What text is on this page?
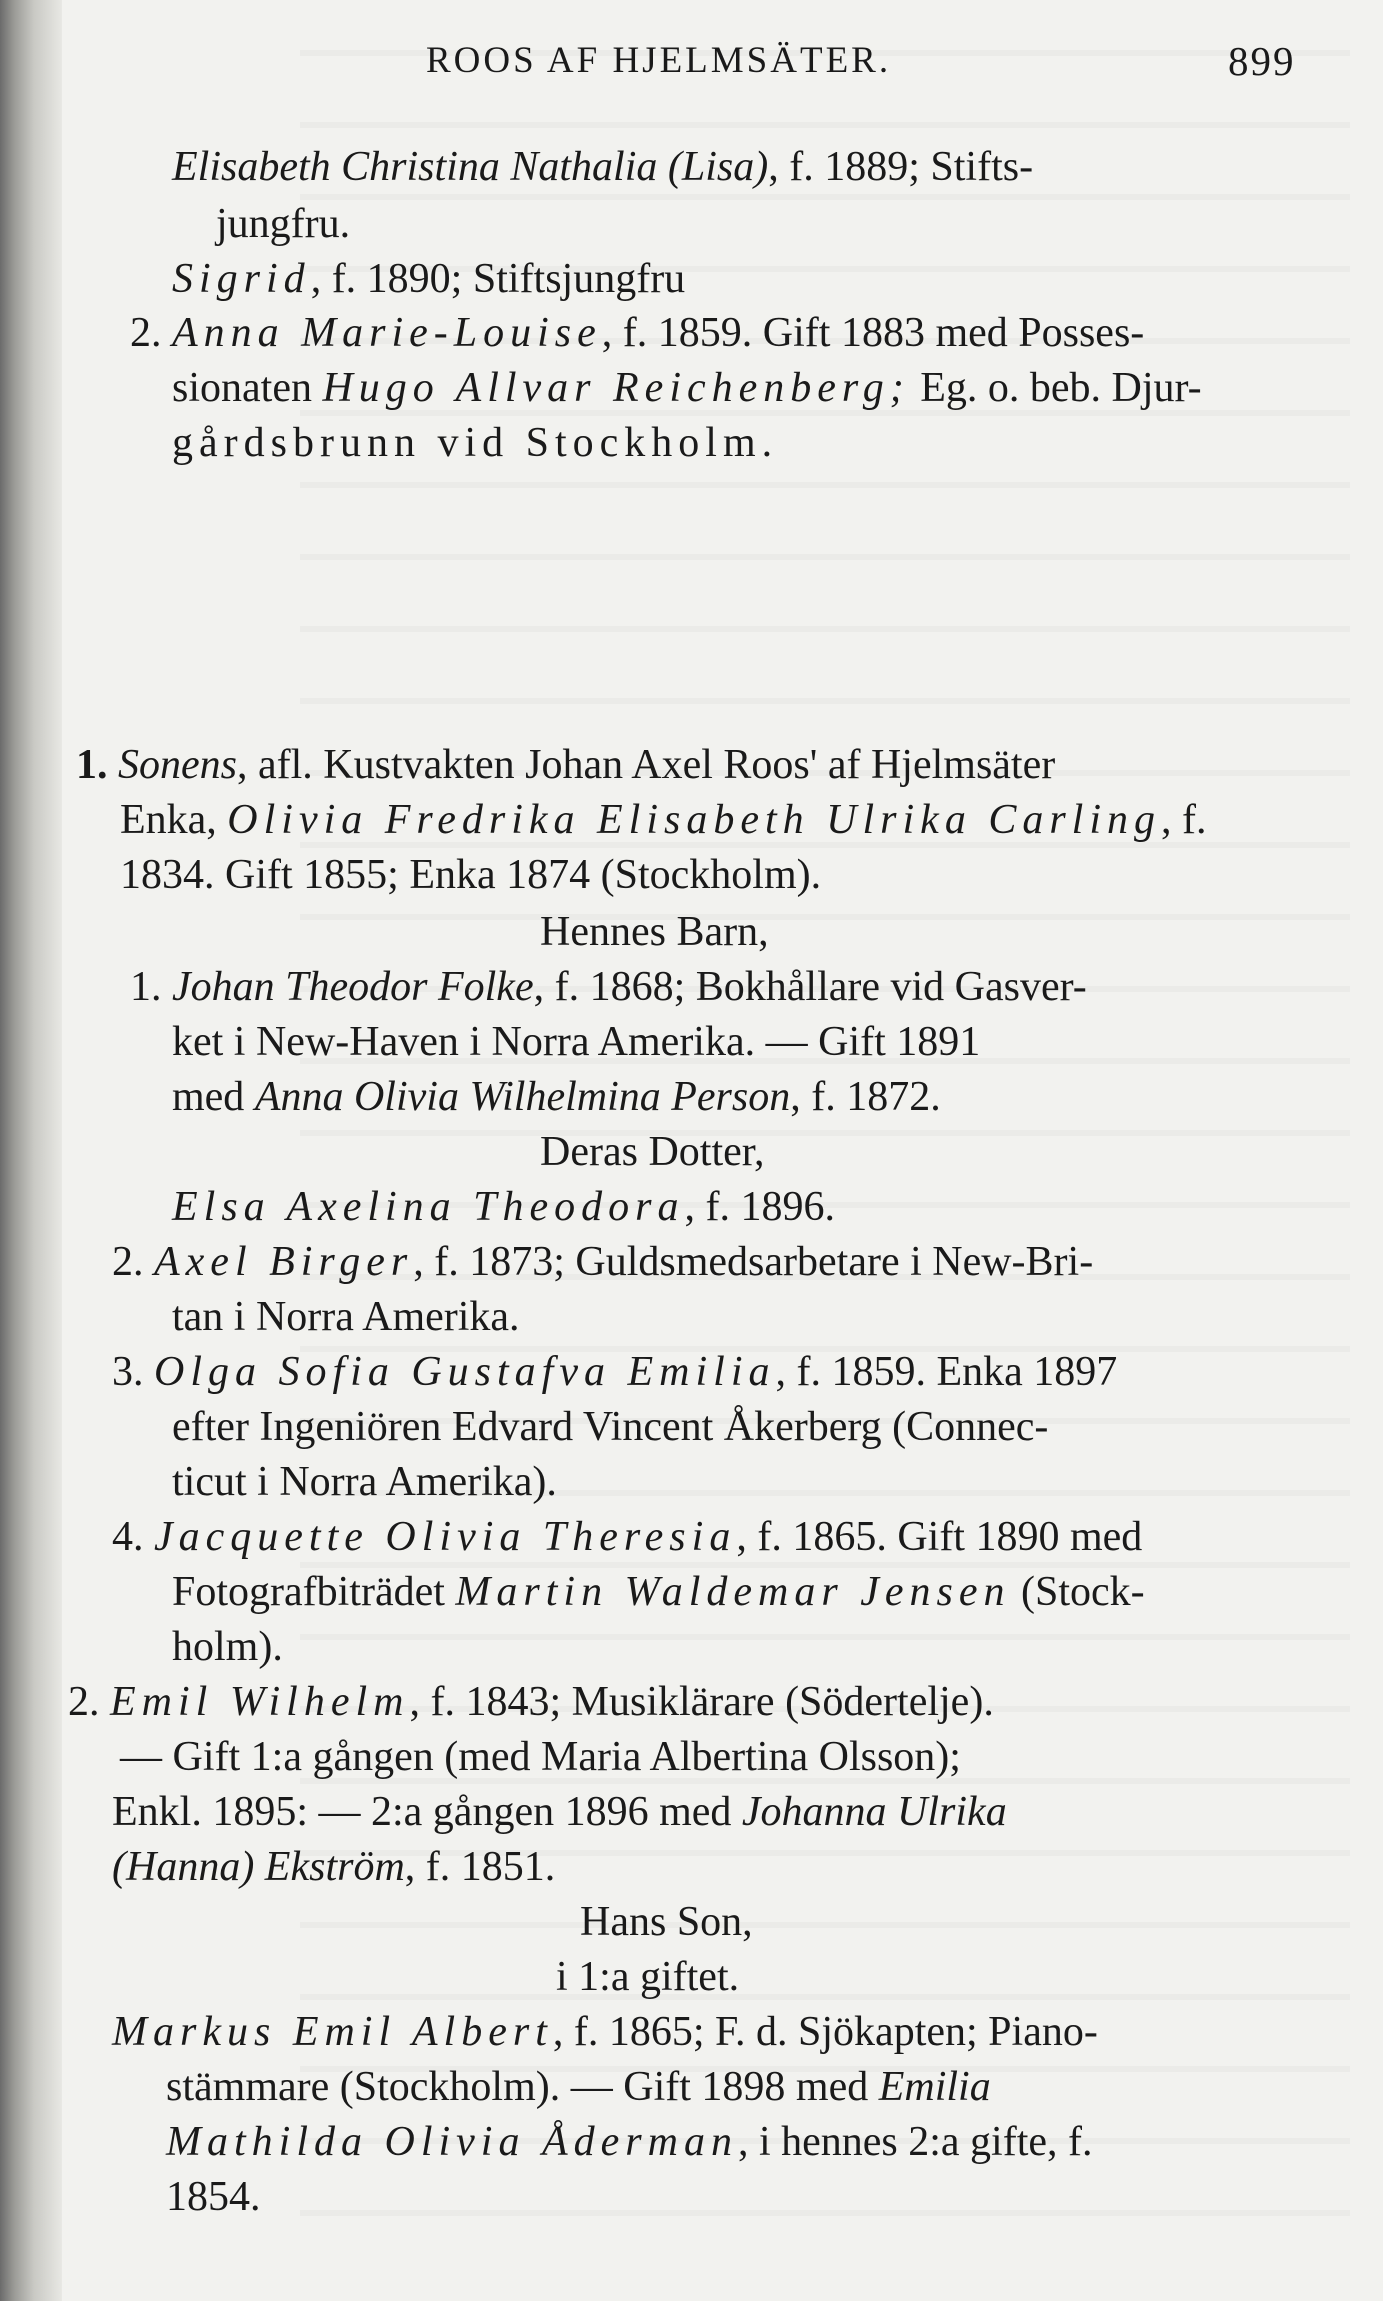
ROOS AF HJELMSÄTER.	899
Elisabeth Christina Nathalia (Lisa), f. 1889; Stifts-
jungfru.
Sigrid, f. 1890; Stiftsjungfru
2. Anna Marie-Louise, f. 1859. Gift 1883 med Posses-
sionaten Hugo Allvar Reichenberg; Eg. o. beb. Djur-
gårdsbrunn vid Stockholm.
1. Sonens, afl. Kustvakten Johan Axel Roos' af Hjelmsäter
Enka, Olivia Fredrika Elisabeth Ulrika Carling, f.
1834. Gift 1855; Enka 1874 (Stockholm).
Hennes Barn,
1. Johan Theodor Folke, f. 1868; Bokhållare vid Gasver-
ket i New-Haven i Norra Amerika. — Gift 1891
med Anna Olivia Wilhelmina Person, f. 1872.
Deras Dotter,
Elsa Axelina Theodora, f. 1896.
2. Axel Birger, f. 1873; Guldsmedsarbetare i New-Bri-
tan i Norra Amerika.
3. Olga Sofia Gustafva Emilia, f. 1859. Enka 1897
efter Ingeniören Edvard Vincent Åkerberg (Connec-
ticut i Norra Amerika).
4. Jacquette Olivia Theresia, f. 1865. Gift 1890 med
Fotografbiträdet Martin Waldemar Jensen (Stock-
holm).
2. Emil Wilhelm, f. 1843; Musiklärare (Södertelje).
— Gift 1:a gången (med Maria Albertina Olsson);
Enkl. 1895: — 2:a gången 1896 med Johanna Ulrika
(Hanna) Ekström, f. 1851.
Hans Son,
i 1:a giftet.
Markus Emil Albert, f. 1865; F. d. Sjökapten; Piano-
stämmare (Stockholm). — Gift 1898 med Emilia
Mathilda Olivia Åderman, i hennes 2:a gifte, f.
1854.
